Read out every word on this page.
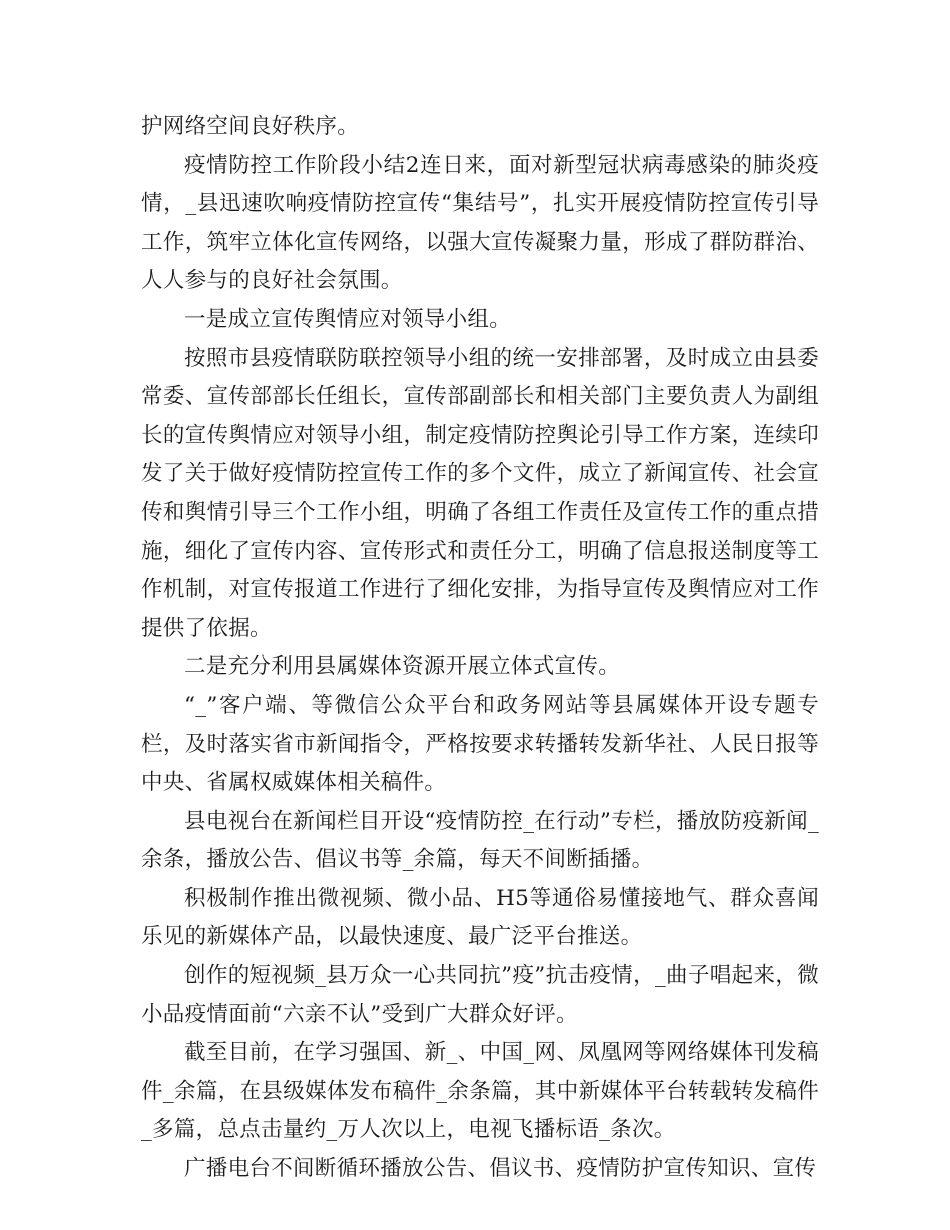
护网络空间良好秩序。

疫情防控工作阶段小结2连日来，面对新型冠状病毒感染的肺炎疫情，_县迅速吹响疫情防控宣传“集结号”，扎实开展疫情防控宣传引导工作，筑牢立体化宣传网络，以强大宣传凝聚力量，形成了群防群治、人人参与的良好社会氛围。

一是成立宣传舆情应对领导小组。

按照市县疫情联防联控领导小组的统一安排部署，及时成立由县委常委、宣传部部长任组长，宣传部副部长和相关部门主要负责人为副组长的宣传舆情应对领导小组，制定疫情防控舆论引导工作方案，连续印发了关于做好疫情防控宣传工作的多个文件，成立了新闻宣传、社会宣传和舆情引导三个工作小组，明确了各组工作责任及宣传工作的重点措施，细化了宣传内容、宣传形式和责任分工，明确了信息报送制度等工作机制，对宣传报道工作进行了细化安排，为指导宣传及舆情应对工作提供了依据。

二是充分利用县属媒体资源开展立体式宣传。

“_”客户端、等微信公众平台和政务网站等县属媒体开设专题专栏，及时落实省市新闻指令，严格按要求转播转发新华社、人民日报等中央、省属权威媒体相关稿件。

县电视台在新闻栏目开设“疫情防控_在行动”专栏，播放防疫新闻_余条，播放公告、倡议书等_余篇，每天不间断插播。

积极制作推出微视频、微小品、H5等通俗易懂接地气、群众喜闻乐见的新媒体产品，以最快速度、最广泛平台推送。

创作的短视频_县万众一心共同抗”疫”抗击疫情，_曲子唱起来，微小品疫情面前“六亲不认”受到广大群众好评。

截至目前，在学习强国、新_、中国_网、凤凰网等网络媒体刊发稿件_余篇，在县级媒体发布稿件_余条篇，其中新媒体平台转载转发稿件_多篇，总点击量约_万人次以上，电视飞播标语_条次。

广播电台不间断循环播放公告、倡议书、疫情防护宣传知识、宣传
